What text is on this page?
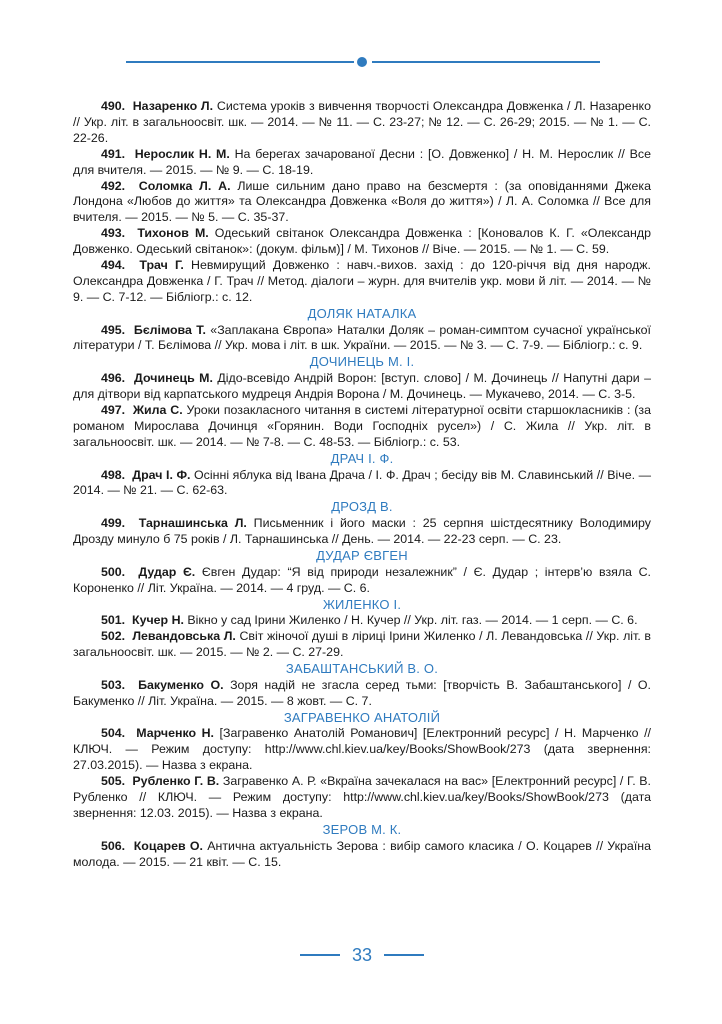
490. Назаренко Л. Система уроків з вивчення творчості Олександра Довженка / Л. Назаренко // Укр. літ. в загальноосвіт. шк. — 2014. — № 11. — С. 23-27; № 12. — С. 26-29; 2015. — № 1. — С. 22-26.

491. Нерослик Н. М. На берегах зачарованої Десни : [О. Довженко] / Н. М. Нерослик // Все для вчителя. — 2015. — № 9. — С. 18-19.

492. Соломка Л. А. Лише сильним дано право на безсмертя : (за оповіданнями Джека Лондона «Любов до життя» та Олександра Довженка «Воля до життя») / Л. А. Соломка // Все для вчителя. — 2015. — № 5. — С. 35-37.

493. Тихонов М. Одеський світанок Олександра Довженка : [Коновалов К. Г. «Олександр Довженко. Одеський світанок»: (докум. фільм)] / М. Тихонов // Віче. — 2015. — № 1. — С. 59.

494. Трач Г. Невмирущий Довженко : навч.-вихов. захід : до 120-річчя від дня народж. Олександра Довженка / Г. Трач // Метод. діалоги – журн. для вчителів укр. мови й літ. — 2014. — № 9. — С. 7-12. — Бібліогр.: с. 12.

ДОЛЯК НАТАЛКА

495. Бєлімова Т. «Заплакана Європа» Наталки Доляк – роман-симптом сучасної української літератури / Т. Бєлімова // Укр. мова і літ. в шк. України. — 2015. — № 3. — С. 7-9. — Бібліогр.: с. 9.

ДОЧИНЕЦЬ М. І.

496. Дочинець М. Дідо-всевідо Андрій Ворон: [вступ. слово] / М. Дочинець // Напутні дари – для дітвори від карпатського мудреця Андрія Ворона / М. Дочинець. — Мукачево, 2014. — С. 3-5.

497. Жила С. Уроки позакласного читання в системі літературної освіти старшокласників : (за романом Мирослава Дочинця «Горянин. Води Господніх русел») / С. Жила // Укр. літ. в загальноосвіт. шк. — 2014. — № 7-8. — С. 48-53. — Бібліогр.: с. 53.

ДРАЧ І. Ф.

498. Драч І. Ф. Осінні яблука від Івана Драча / І. Ф. Драч ; бесіду вів М. Славинський // Віче. — 2014. — № 21. — С. 62-63.

ДРОЗД В.

499. Тарнашинська Л. Письменник і його маски : 25 серпня шістдесятнику Володимиру Дрозду минуло б 75 років / Л. Тарнашинська // День. — 2014. — 22-23 серп. — С. 23.

ДУДАР ЄВГЕН

500. Дудар Є. Євген Дудар: “Я від природи незалежник” / Є. Дудар ; інтерв’ю взяла С. Короненко // Літ. Україна. — 2014. — 4 груд. — С. 6.

ЖИЛЕНКО І.

501. Кучер Н. Вікно у сад Ірини Жиленко / Н. Кучер // Укр. літ. газ. — 2014. — 1 серп. — С. 6.

502. Левандовська Л. Світ жіночої душі в ліриці Ірини Жиленко / Л. Левандовська // Укр. літ. в загальноосвіт. шк. — 2015. — № 2. — С. 27-29.

ЗАБАШТАНСЬКИЙ В. О.

503. Бакуменко О. Зоря надій не згасла серед тьми: [творчість В. Забаштанського] / О. Бакуменко // Літ. Україна. — 2015. — 8 жовт. — С. 7.

ЗАГРАВЕНКО АНАТОЛІЙ

504. Марченко Н. [Загравенко Анатолій Романович] [Електронний ресурс] / Н. Марченко // КЛЮЧ. — Режим доступу: http://www.chl.kiev.ua/key/Books/ShowBook/273 (дата звернення: 27.03.2015). — Назва з екрана.

505. Рубленко Г. В. Загравенко А. Р. «Вкраїна зачекалася на вас» [Електронний ресурс] / Г. В. Рубленко // КЛЮЧ. — Режим доступу: http://www.chl.kiev.ua/key/Books/ShowBook/273 (дата звернення: 12.03. 2015). — Назва з екрана.

ЗЕРОВ М. К.

506. Коцарев О. Антична актуальність Зерова : вибір самого класика / О. Коцарев // Україна молода. — 2015. — 21 квіт. — С. 15.

33
